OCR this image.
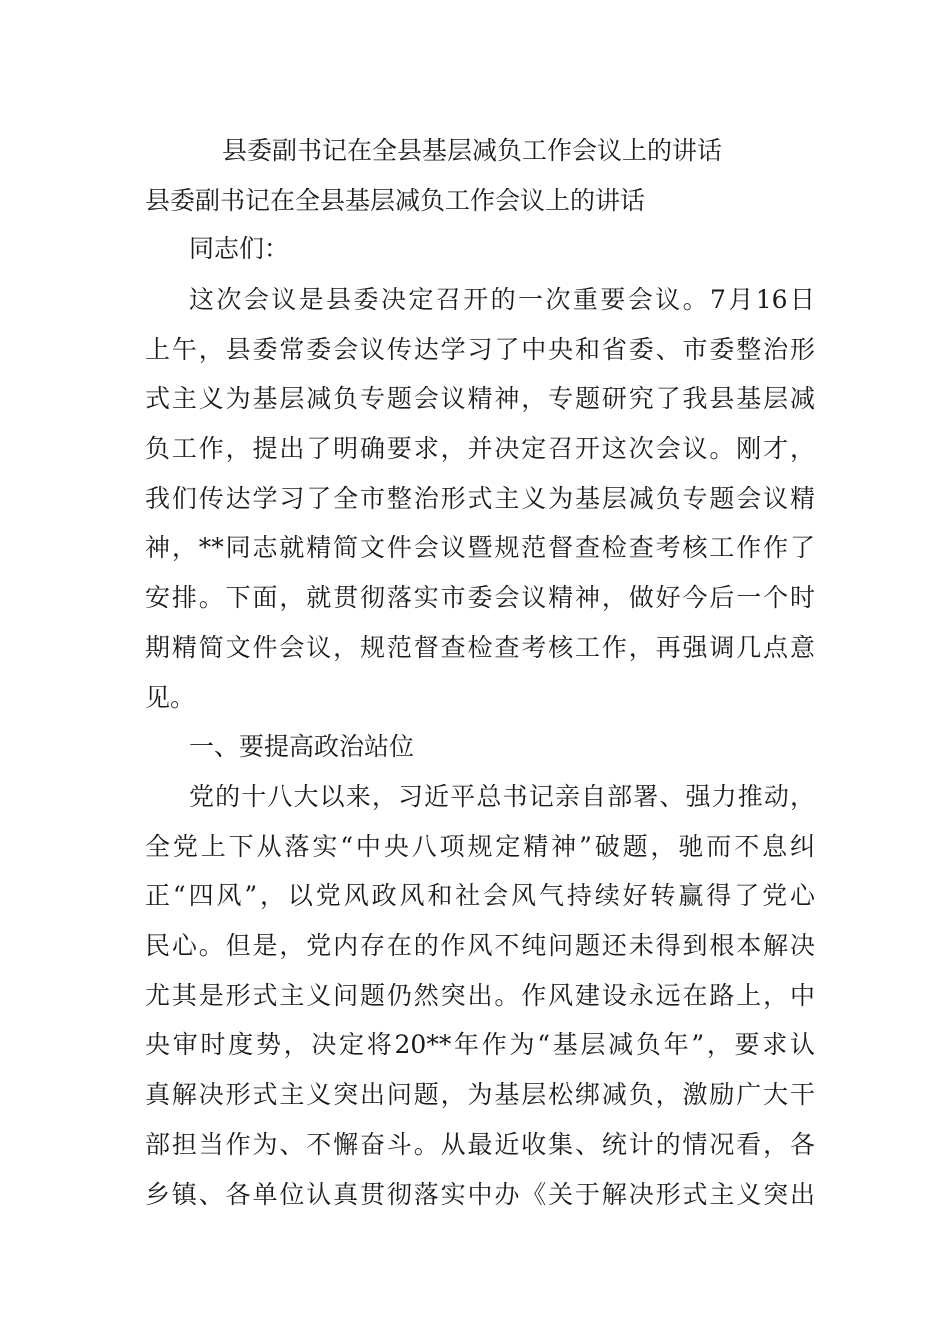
县委副书记在全县基层减负工作会议上的讲话
县委副书记在全县基层减负工作会议上的讲话
同志们：
这次会议是县委决定召开的一次重要会议。7月16日
上午，县委常委会议传达学习了中央和省委、市委整治形
式主义为基层减负专题会议精神，专题研究了我县基层减
负工作，提出了明确要求，并决定召开这次会议。刚才，
我们传达学习了全市整治形式主义为基层减负专题会议精
神，**同志就精简文件会议暨规范督查检查考核工作作了
安排。下面，就贯彻落实市委会议精神，做好今后一个时
期精简文件会议，规范督查检查考核工作，再强调几点意
见。
一、要提高政治站位
党的十八大以来，习近平总书记亲自部署、强力推动，
全党上下从落实“中央八项规定精神”破题，驰而不息纠
正“四风”，以党风政风和社会风气持续好转赢得了党心
民心。但是，党内存在的作风不纯问题还未得到根本解决
尤其是形式主义问题仍然突出。作风建设永远在路上，中
央审时度势，决定将20**年作为“基层减负年”，要求认
真解决形式主义突出问题，为基层松绑减负，激励广大干
部担当作为、不懈奋斗。从最近收集、统计的情况看，各
乡镇、各单位认真贯彻落实中办《关于解决形式主义突出
